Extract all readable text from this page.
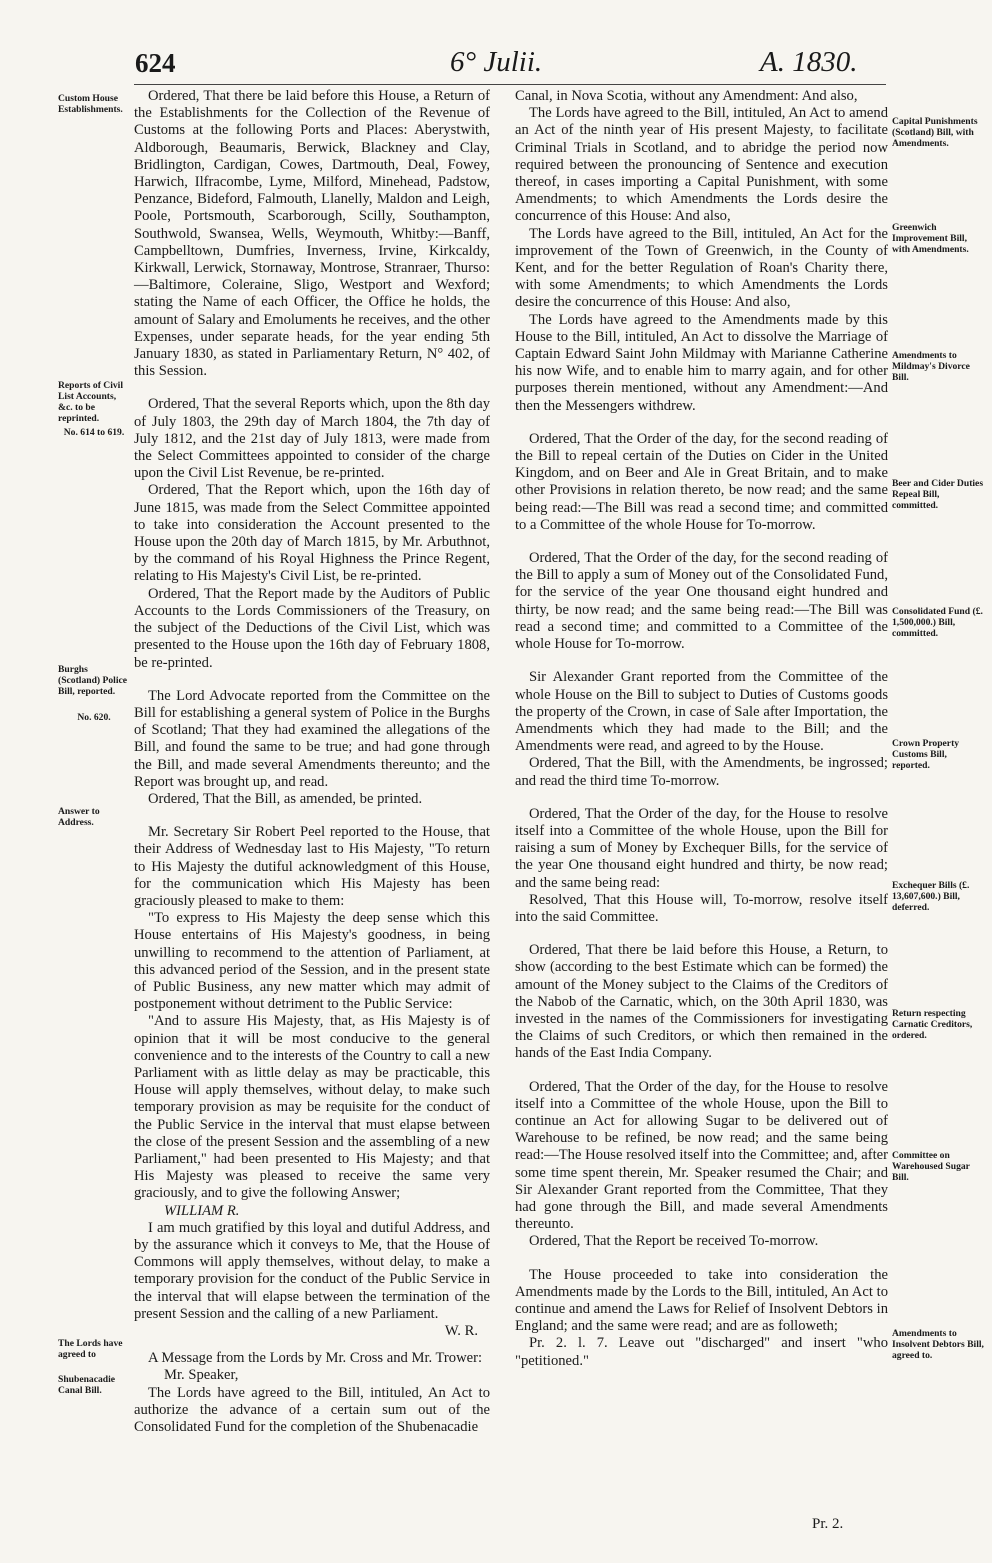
624	6° Julii.	A. 1830.
Custom House Establishments.
Reports of Civil List Accounts, &c. to be reprinted.
No. 614 to 619.
Burghs (Scotland) Police Bill, reported.
No. 620.
Answer to Address.
The Lords have agreed to
Shubenacadie Canal Bill.
Capital Punishments (Scotland) Bill, with Amendments.
Greenwich Improvement Bill, with Amendments.
Amendments to Mildmay's Divorce Bill.
Beer and Cider Duties Repeal Bill, committed.
Consolidated Fund (£. 1,500,000.) Bill, committed.
Crown Property Customs Bill, reported.
Exchequer Bills (£. 13,607,600.) Bill, deferred.
Return respecting Carnatic Creditors, ordered.
Committee on Warehoused Sugar Bill.
Amendments to Insolvent Debtors Bill, agreed to.

Ordered, That there be laid before this House, a Return of the Establishments for the Collection of the Revenue of Customs at the following Ports and Places: Aberystwith, Aldborough, Beaumaris, Berwick, Blackney and Clay, Bridlington, Cardigan, Cowes, Dartmouth, Deal, Fowey, Harwich, Ilfracombe, Lyme, Milford, Minehead, Padstow, Penzance, Bideford, Falmouth, Llanelly, Maldon and Leigh, Poole, Portsmouth, Scarborough, Scilly, Southampton, Southwold, Swansea, Wells, Weymouth, Whitby:—Banff, Campbelltown, Dumfries, Inverness, Irvine, Kirkcaldy, Kirkwall, Lerwick, Stornaway, Montrose, Stranraer, Thurso:—Baltimore, Coleraine, Sligo, Westport and Wexford; stating the Name of each Officer, the Office he holds, the amount of Salary and Emoluments he receives, and the other Expenses, under separate heads, for the year ending 5th January 1830, as stated in Parliamentary Return, N° 402, of this Session.

Ordered, That the several Reports which, upon the 8th day of July 1803, the 29th day of March 1804, the 7th day of July 1812, and the 21st day of July 1813, were made from the Select Committees appointed to consider of the charge upon the Civil List Revenue, be re-printed.

Ordered, That the Report which, upon the 16th day of June 1815, was made from the Select Committee appointed to take into consideration the Account presented to the House upon the 20th day of March 1815, by Mr. Arbuthnot, by the command of his Royal Highness the Prince Regent, relating to His Majesty's Civil List, be re-printed.

Ordered, That the Report made by the Auditors of Public Accounts to the Lords Commissioners of the Treasury, on the subject of the Deductions of the Civil List, which was presented to the House upon the 16th day of February 1808, be re-printed.

The Lord Advocate reported from the Committee on the Bill for establishing a general system of Police in the Burghs of Scotland; That they had examined the allegations of the Bill, and found the same to be true; and had gone through the Bill, and made several Amendments thereunto; and the Report was brought up, and read.

Ordered, That the Bill, as amended, be printed.

Mr. Secretary Sir Robert Peel reported to the House, that their Address of Wednesday last to His Majesty, "To return to His Majesty the dutiful acknowledgment of this House, for the communication which His Majesty has been graciously pleased to make to them:

"To express to His Majesty the deep sense which this House entertains of His Majesty's goodness, in being unwilling to recommend to the attention of Parliament, at this advanced period of the Session, and in the present state of Public Business, any new matter which may admit of postponement without detriment to the Public Service:

"And to assure His Majesty, that, as His Majesty is of opinion that it will be most conducive to the general convenience and to the interests of the Country to call a new Parliament with as little delay as may be practicable, this House will apply themselves, without delay, to make such temporary provision as may be requisite for the conduct of the Public Service in the interval that must elapse between the close of the present Session and the assembling of a new Parliament," had been presented to His Majesty; and that His Majesty was pleased to receive the same very graciously, and to give the following Answer;

WILLIAM R.

I am much gratified by this loyal and dutiful Address, and by the assurance which it conveys to Me, that the House of Commons will apply themselves, without delay, to make a temporary provision for the conduct of the Public Service in the interval that will elapse between the termination of the present Session and the calling of a new Parliament.

W. R.

A Message from the Lords by Mr. Cross and Mr. Trower:

Mr. Speaker,

The Lords have agreed to the Bill, intituled, An Act to authorize the advance of a certain sum out of the Consolidated Fund for the completion of the Shubenacadie

Canal, in Nova Scotia, without any Amendment: And also,

The Lords have agreed to the Bill, intituled, An Act to amend an Act of the ninth year of His present Majesty, to facilitate Criminal Trials in Scotland, and to abridge the period now required between the pronouncing of Sentence and execution thereof, in cases importing a Capital Punishment, with some Amendments; to which Amendments the Lords desire the concurrence of this House: And also,

The Lords have agreed to the Bill, intituled, An Act for the improvement of the Town of Greenwich, in the County of Kent, and for the better Regulation of Roan's Charity there, with some Amendments; to which Amendments the Lords desire the concurrence of this House: And also,

The Lords have agreed to the Amendments made by this House to the Bill, intituled, An Act to dissolve the Marriage of Captain Edward Saint John Mildmay with Marianne Catherine his now Wife, and to enable him to marry again, and for other purposes therein mentioned, without any Amendment:—And then the Messengers withdrew.

Ordered, That the Order of the day, for the second reading of the Bill to repeal certain of the Duties on Cider in the United Kingdom, and on Beer and Ale in Great Britain, and to make other Provisions in relation thereto, be now read; and the same being read:—The Bill was read a second time; and committed to a Committee of the whole House for To-morrow.

Ordered, That the Order of the day, for the second reading of the Bill to apply a sum of Money out of the Consolidated Fund, for the service of the year One thousand eight hundred and thirty, be now read; and the same being read:—The Bill was read a second time; and committed to a Committee of the whole House for To-morrow.

Sir Alexander Grant reported from the Committee of the whole House on the Bill to subject to Duties of Customs goods the property of the Crown, in case of Sale after Importation, the Amendments which they had made to the Bill; and the Amendments were read, and agreed to by the House.

Ordered, That the Bill, with the Amendments, be ingrossed; and read the third time To-morrow.

Ordered, That the Order of the day, for the House to resolve itself into a Committee of the whole House, upon the Bill for raising a sum of Money by Exchequer Bills, for the service of the year One thousand eight hundred and thirty, be now read; and the same being read:

Resolved, That this House will, To-morrow, resolve itself into the said Committee.

Ordered, That there be laid before this House, a Return, to show (according to the best Estimate which can be formed) the amount of the Money subject to the Claims of the Creditors of the Nabob of the Carnatic, which, on the 30th April 1830, was invested in the names of the Commissioners for investigating the Claims of such Creditors, or which then remained in the hands of the East India Company.

Ordered, That the Order of the day, for the House to resolve itself into a Committee of the whole House, upon the Bill to continue an Act for allowing Sugar to be delivered out of Warehouse to be refined, be now read; and the same being read:—The House resolved itself into the Committee; and, after some time spent therein, Mr. Speaker resumed the Chair; and Sir Alexander Grant reported from the Committee, That they had gone through the Bill, and made several Amendments thereunto.

Ordered, That the Report be received To-morrow.

The House proceeded to take into consideration the Amendments made by the Lords to the Bill, intituled, An Act to continue and amend the Laws for Relief of Insolvent Debtors in England; and the same were read; and are as followeth;

Pr. 2. l. 7. Leave out "discharged" and insert "who "petitioned."

Pr. 2.
